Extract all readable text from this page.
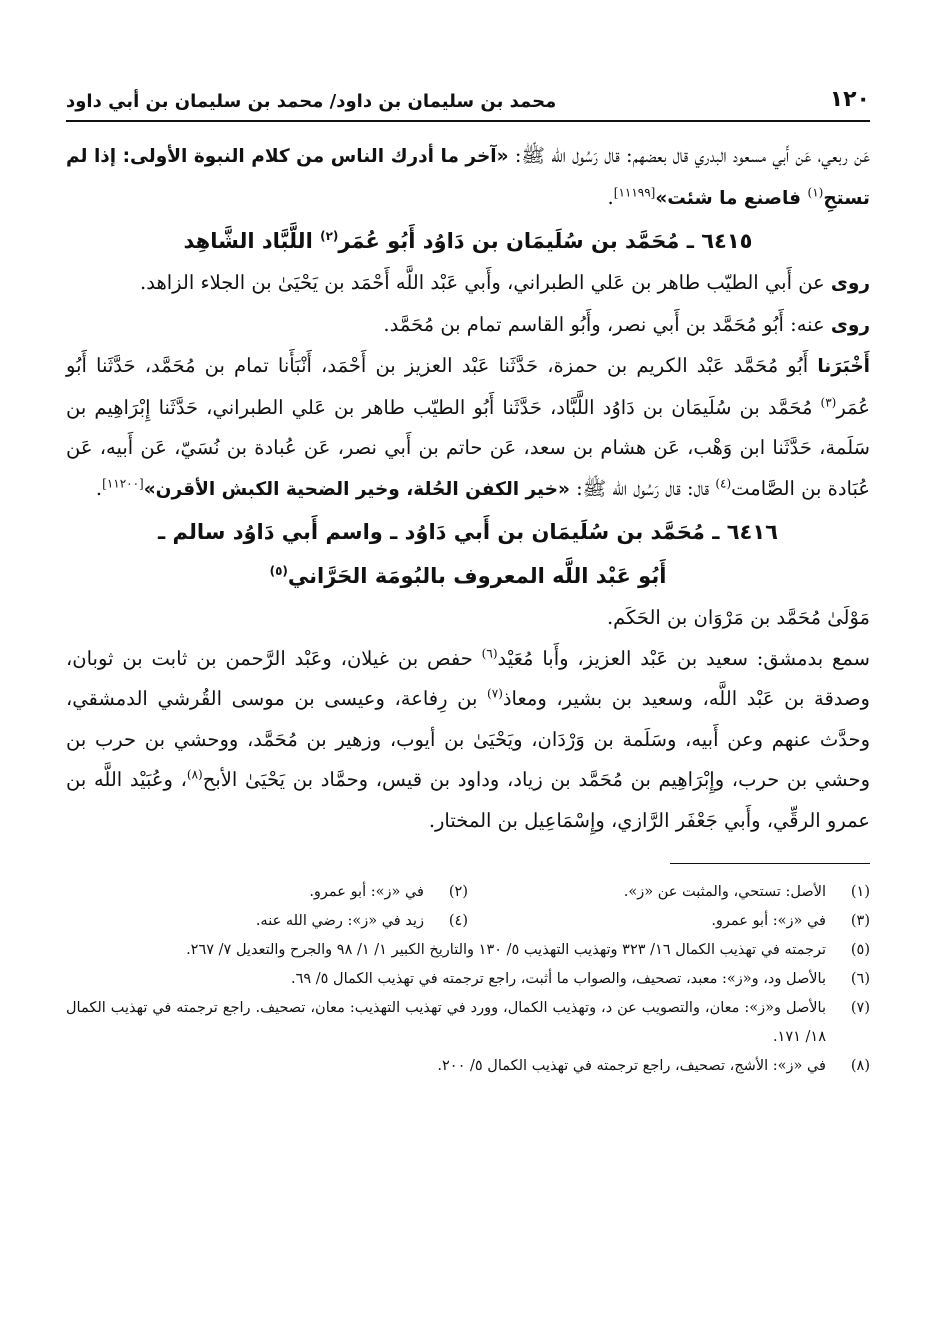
١٢٠
محمد بن سليمان بن داود/ محمد بن سليمان بن أبي داود

عَن ربعي، عَن أَبي مسعود البدري قال بعضهم: قال رَسُول الله ﷺ: «آخر ما أدرك الناس من كلام النبوة الأولى: إذا لم تستحِ$^{(١)}$ فاصنع ما شئت»[١١١٩٩].

٦٤١٥ ـ مُحَمَّد بن سُلَيمَان بن دَاوُد أَبُو عُمَر$^{(٢)}$ اللَّبَّاد الشَّاهِد

روى عن أَبي الطيّب طاهر بن عَلي الطبراني، وأَبي عَبْد اللَّه أَحْمَد بن يَحْيَىٰ بن الجلاء الزاهد.

روى عنه: أَبُو مُحَمَّد بن أَبي نصر، وأَبُو القاسم تمام بن مُحَمَّد.

أَخْبَرَنا أَبُو مُحَمَّد عَبْد الكريم بن حمزة، حَدَّثَنا عَبْد العزيز بن أَحْمَد، أَنْبَأَنا تمام بن مُحَمَّد، حَدَّثَنا أَبُو عُمَر$^{(٣)}$ مُحَمَّد بن سُلَيمَان بن دَاوُد اللَّبَّاد، حَدَّثَنا أَبُو الطيّب طاهر بن عَلي الطبراني، حَدَّثَنا إِبْرَاهِيم بن سَلَمة، حَدَّثَنا ابن وَهْب، عَن هشام بن سعد، عَن حاتم بن أَبي نصر، عَن عُبادة بن نُسَيّ، عَن أَبيه، عَن عُبَادة بن الصَّامت$^{(٤)}$ قال: قال رَسُول الله ﷺ: «خير الكفن الحُلة، وخير الضحية الكبش الأقرن»[١١٢٠٠].

٦٤١٦ ـ مُحَمَّد بن سُلَيمَان بن أَبي دَاوُد ـ واسم أَبي دَاوُد سالم ـ
أَبُو عَبْد اللَّه المعروف بالبُومَة الحَرَّاني$^{(٥)}$

مَوْلَىٰ مُحَمَّد بن مَرْوَان بن الحَكَم.

سمع بدمشق: سعيد بن عَبْد العزيز، وأَبا مُعَيْد$^{(٦)}$ حفص بن غيلان، وعَبْد الرَّحمن بن ثابت بن ثوبان، وصدقة بن عَبْد اللَّه، وسعيد بن بشير، ومعاذ$^{(٧)}$ بن رِفاعة، وعيسى بن موسى القُرشي الدمشقي، وحدَّث عنهم وعن أَبيه، وسَلَمة بن وَرْدَان، ويَحْيَىٰ بن أيوب، وزهير بن مُحَمَّد، ووحشي بن حرب بن وحشي بن حرب، وإِبْرَاهِيم بن مُحَمَّد بن زياد، وداود بن قيس، وحمَّاد بن يَحْيَىٰ الأبح$^{(٨)}$، وعُبَيْد اللَّه بن عمرو الرقِّي، وأَبي جَعْفَر الرَّازي، وإِسْمَاعِيل بن المختار.

(١)
الأصل: تستحي، والمثبت عن «ز».
(٢)
في «ز»: أبو عمرو.
(٣)
في «ز»: أبو عمرو.
(٤)
زيد في «ز»: رضي الله عنه.
(٥)
ترجمته في تهذيب الكمال ١٦/ ٣٢٣ وتهذيب التهذيب ٥/ ١٣٠ والتاريخ الكبير ١/ ١/ ٩٨ والجرح والتعديل ٧/ ٢٦٧.
(٦)
بالأصل ود، و«ز»: معبد، تصحيف، والصواب ما أثبت، راجع ترجمته في تهذيب الكمال ٥/ ٦٩.
(٧)
بالأصل و«ز»: معان، والتصويب عن د، وتهذيب الكمال، وورد في تهذيب التهذيب: معان، تصحيف. راجع ترجمته في تهذيب الكمال ١٨/ ١٧١.
(٨)
في «ز»: الأشج، تصحيف، راجع ترجمته في تهذيب الكمال ٥/ ٢٠٠.
